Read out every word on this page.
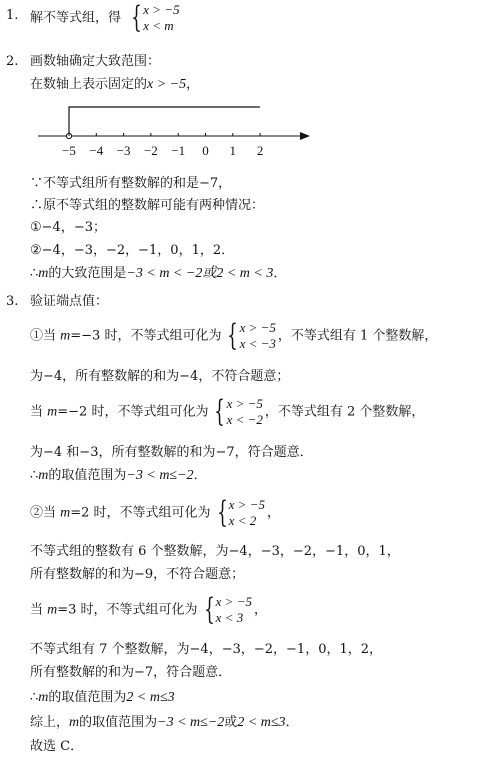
1. 解不等式组，得 { x > −5
x < m
2. 画数轴确定大致范围：
在数轴上表示固定的x > −5，
−5 −4 −3 −2 −1 0 1 2
∵不等式组所有整数解的和是−7，
∴原不等式组的整数解可能有两种情况：
①−4，−3；
②−4，−3，−2，−1，0，1，2．
∴m的大致范围是−3 < m < −2或2 < m < 3．
3. 验证端点值：
①当 m=−3 时，不等式组可化为 { x > −5
x < −3 ，不等式组有 1 个整数解，
为−4，所有整数解的和为−4，不符合题意；
当 m=−2 时，不等式组可化为 { x > −5
x < −2 ，不等式组有 2 个整数解，
为−4 和−3，所有整数解的和为−7，符合题意．
∴m的取值范围为−3 < m≤−2．
②当 m=2 时，不等式组可化为 { x > −5
x < 2 ，
不等式组的整数有 6 个整数解，为−4，−3，−2，−1，0，1，
所有整数解的和为−9，不符合题意；
当 m=3 时，不等式组可化为 { x > −5
x < 3 ，
不等式组有 7 个整数解，为−4，−3，−2，−1，0，1，2，
所有整数解的和为−7，符合题意．
∴m的取值范围为2 < m≤3
综上，m的取值范围为−3 < m≤−2或2 < m≤3．
故选 C．
